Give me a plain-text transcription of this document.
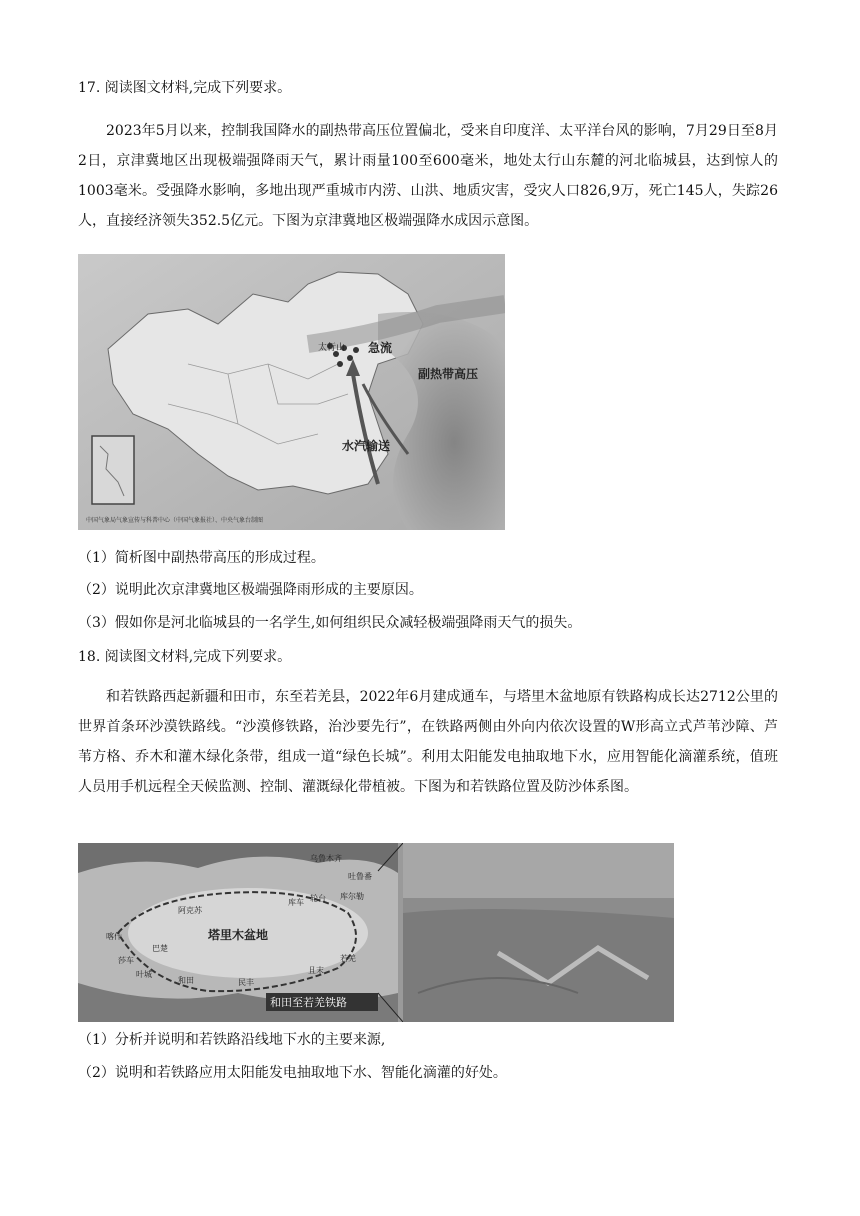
17. 阅读图文材料,完成下列要求。
2023年5月以来，控制我国降水的副热带高压位置偏北，受来自印度洋、太平洋台风的影响，7月29日至8月2日，京津冀地区出现极端强降雨天气，累计雨量100至600毫米，地处太行山东麓的河北临城县，达到惊人的1003毫米。受强降水影响，多地出现严重城市内涝、山洪、地质灾害，受灾人口826,9万，死亡145人，失踪26人，直接经济领失352.5亿元。下图为京津冀地区极端强降水成因示意图。
太行山 急流
副热带高压
水汽输送
中国气象局气象宣传与科普中心（中国气象报社）、中央气象台制图
（1）简析图中副热带高压的形成过程。
（2）说明此次京津冀地区极端强降雨形成的主要原因。
（3）假如你是河北临城县的一名学生,如何组织民众减轻极端强降雨天气的损失。
18. 阅读图文材料,完成下列要求。
和若铁路西起新疆和田市，东至若羌县，2022年6月建成通车，与塔里木盆地原有铁路构成长达2712公里的世界首条环沙漠铁路线。“沙漠修铁路，治沙要先行”，在铁路两侧由外向内依次设置的W形高立式芦苇沙障、芦苇方格、乔木和灌木绿化条带，组成一道“绿色长城”。利用太阳能发电抽取地下水，应用智能化滴灌系统，值班人员用手机远程全天候监测、控制、灌溉绿化带植被。下图为和若铁路位置及防沙体系图。
塔里木盆地
和田至若羌铁路
库车 轮台
阿克苏
巴楚
喀什
莎车
叶城
和田	民丰
且末
若羌
库尔勒
吐鲁番
乌鲁木齐
（1）分析并说明和若铁路沿线地下水的主要来源,
（2）说明和若铁路应用太阳能发电抽取地下水、智能化滴灌的好处。
